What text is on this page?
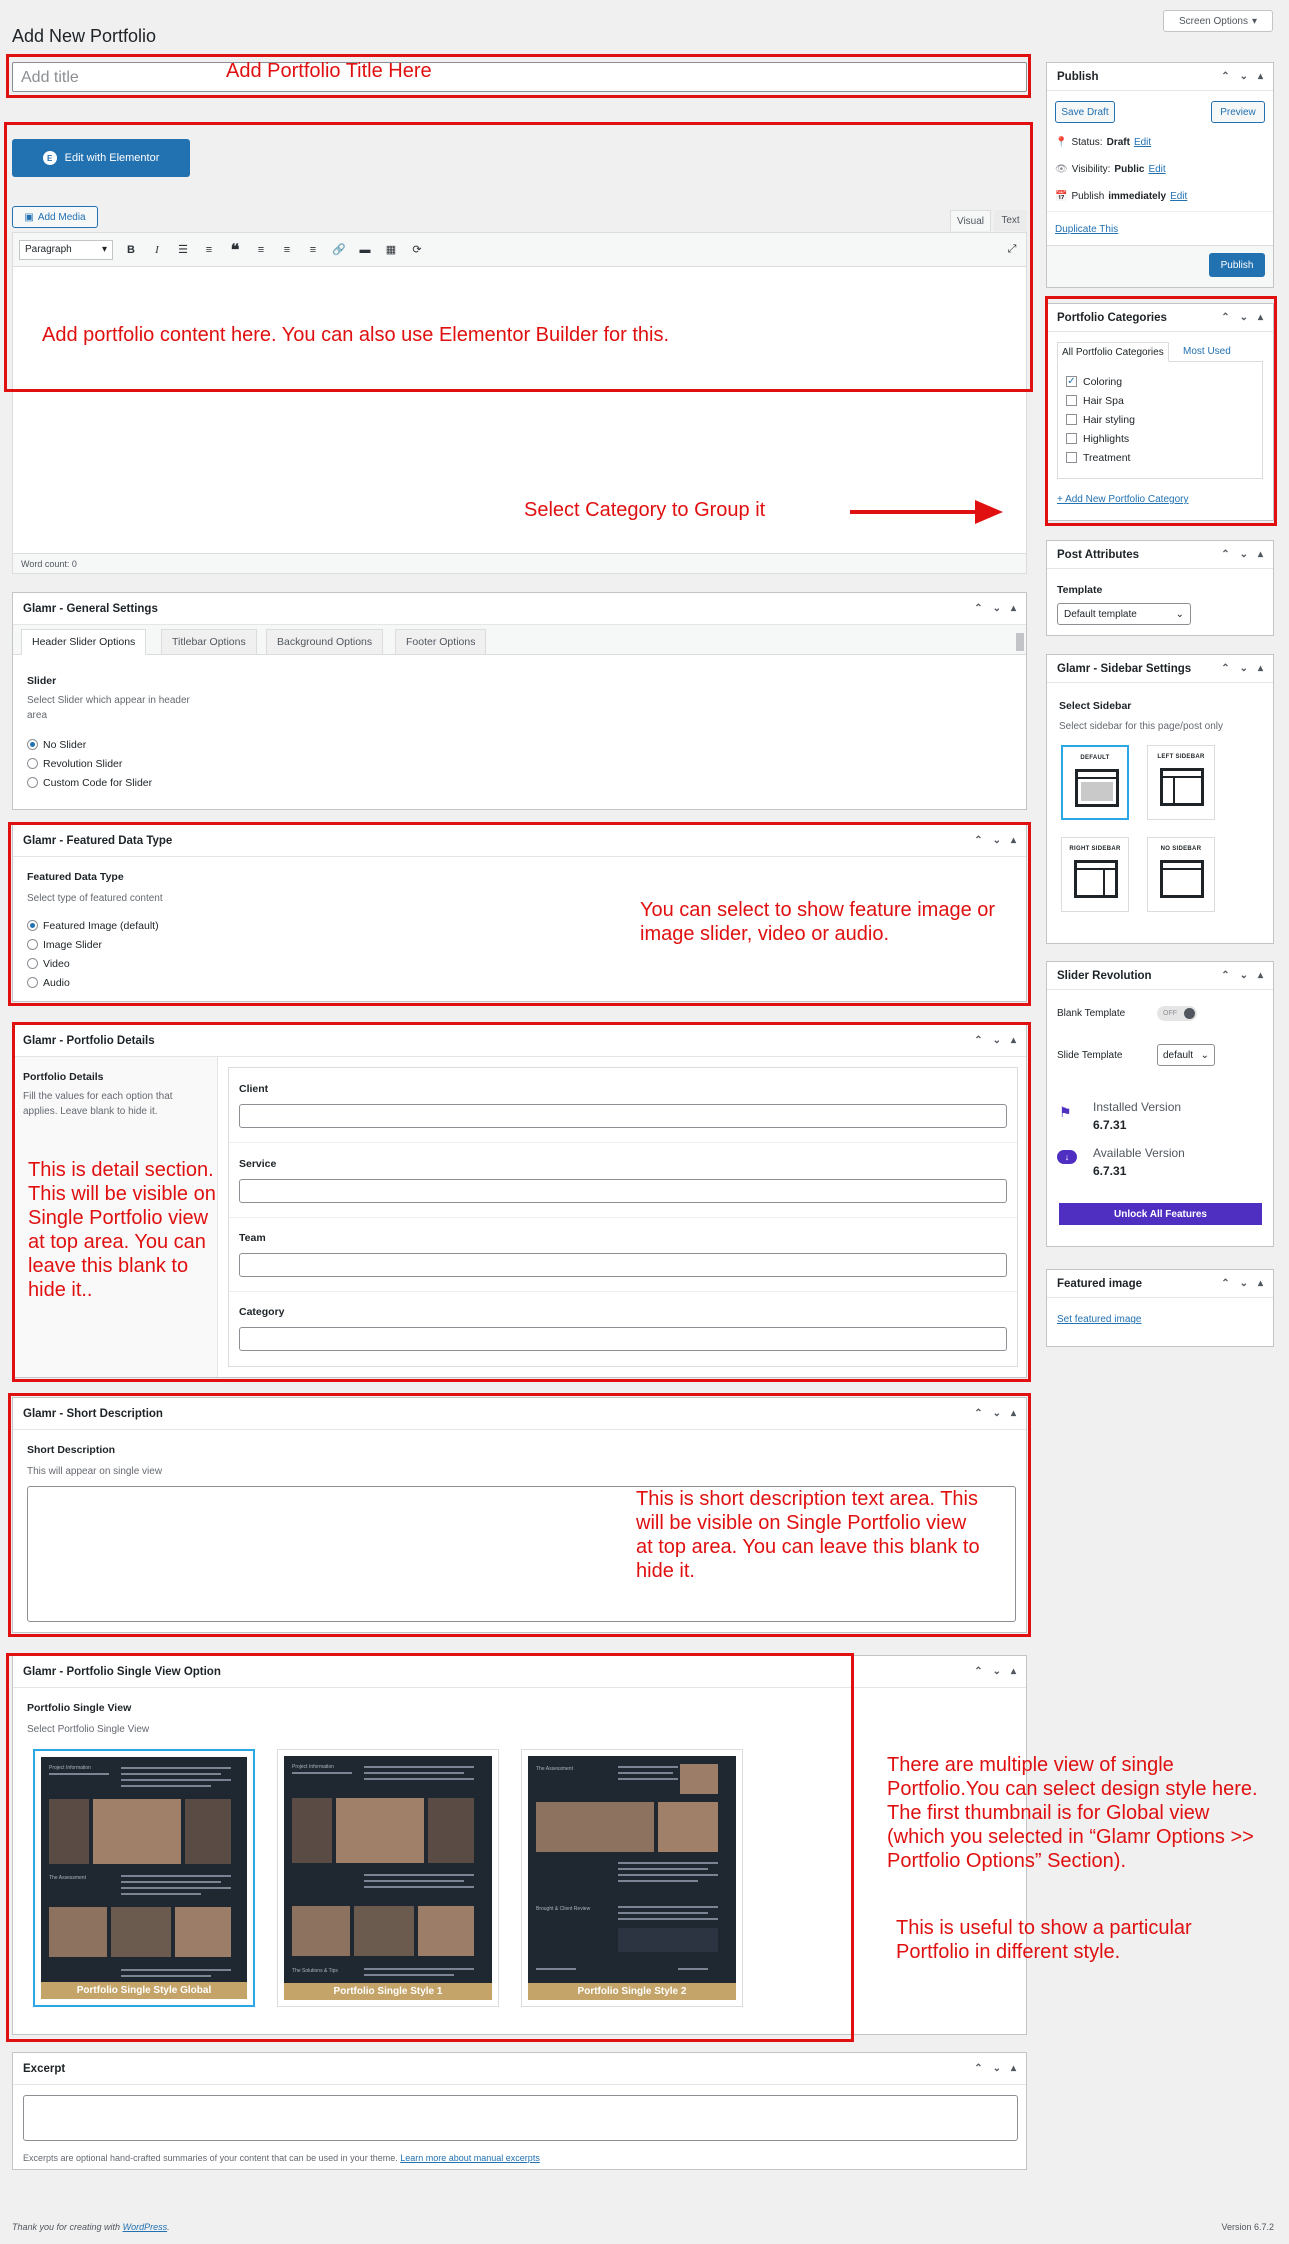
Add New Portfolio
Screen Options ▾
Add title	Add Portfolio Title Here
E	Edit with Elementor
▣ Add Media	Visual Text
Paragraph	▾	B	I	☰	≡ ❝	≡	≡	≡	🔗 ▬ ▦	⟳	⤢
Word count: 0
Add portfolio content here. You can also use Elementor Builder for this.
Select Category to Group it
Glamr - General Settings	⌃ ⌄ ▴
Header Slider Options	Titlebar Options	Background Options	Footer Options
Slider
Select Slider which appear in header area
No Slider
Revolution Slider
Custom Code for Slider
Glamr - Featured Data Type	⌃ ⌄ ▴
Featured Data Type
Select type of featured content
Featured Image (default)
Image Slider
Video
Audio
You can select to show feature image or image slider, video or audio.
Glamr - Portfolio Details	⌃ ⌄ ▴
Portfolio Details
Fill the values for each option that applies. Leave blank to hide it.
Client
Service
Team
Category
This is detail section. This will be visible on Single Portfolio view at top area. You can leave this blank to hide it..
Glamr - Short Description	⌃ ⌄ ▴
Short Description
This will appear on single view
This is short description text area. This will be visible on Single Portfolio view at top area. You can leave this blank to hide it.
Glamr - Portfolio Single View Option	⌃ ⌄ ▴
Portfolio Single View
Select Portfolio Single View
Project Information
The Assessment
Portfolio Single Style Global
Project Information
The Solutions & Tips
Portfolio Single Style 1
The Assessment
Brought & Client Review
Portfolio Single Style 2
There are multiple view of single Portfolio.You can select design style here. The first thumbnail is for Global view (which you selected in “Glamr Options >> Portfolio Options” Section).
This is useful to show a particular Portfolio in different style.
Excerpt	⌃ ⌄ ▴
Excerpts are optional hand-crafted summaries of your content that can be used in your theme. Learn more about manual excerpts
Thank you for creating with WordPress.	Version 6.7.2
Publish	⌃ ⌄ ▴
Save Draft	Preview
📍 Status: Draft Edit
👁 Visibility: Public Edit
📅 Publish immediately Edit
Duplicate This
Publish
Portfolio Categories	⌃ ⌄ ▴
All Portfolio Categories Most Used
✓ Coloring
Hair Spa
Hair styling
Highlights
Treatment
+ Add New Portfolio Category
Post Attributes	⌃ ⌄ ▴
Template
Default template	⌄
Glamr - Sidebar Settings	⌃ ⌄ ▴
Select Sidebar
Select sidebar for this page/post only
DEFAULT	LEFT SIDEBAR
RIGHT SIDEBAR	NO SIDEBAR
Slider Revolution	⌃ ⌄ ▴
Blank Template	OFF
Slide Template	default ⌄
⚑ Installed Version
6.7.31
↓	Available Version
6.7.31
Unlock All Features
Featured image	⌃ ⌄ ▴
Set featured image
